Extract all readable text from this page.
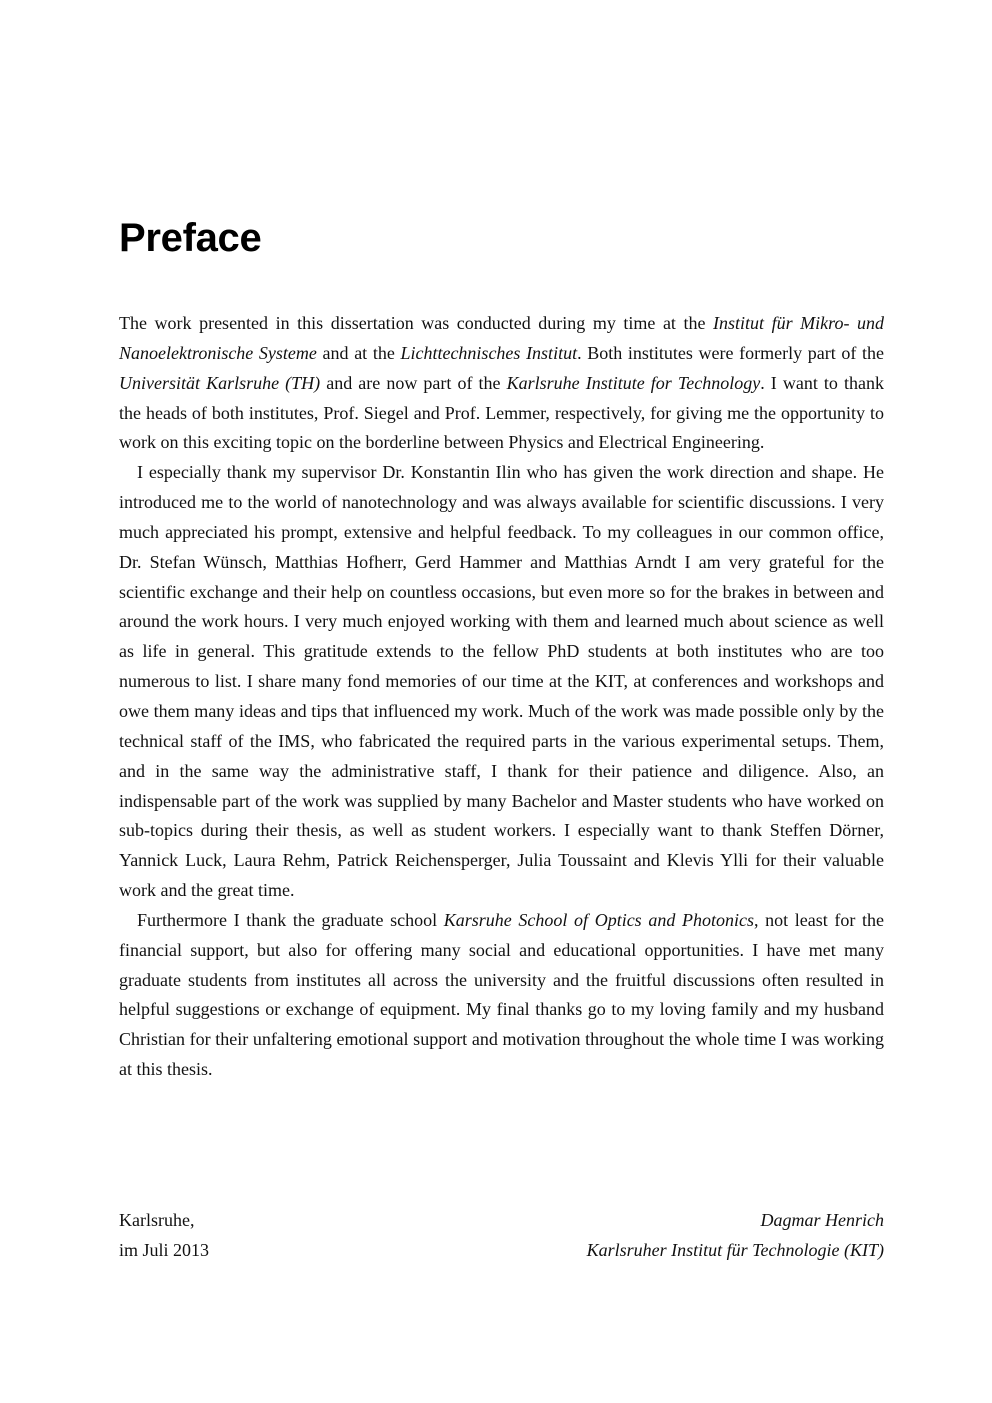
Preface

The work presented in this dissertation was conducted during my time at the Institut für Mikro- und Nanoelektronische Systeme and at the Lichttechnisches Institut. Both institutes were formerly part of the Universität Karlsruhe (TH) and are now part of the Karlsruhe Institute for Technology. I want to thank the heads of both institutes, Prof. Siegel and Prof. Lemmer, respectively, for giving me the opportunity to work on this exciting topic on the borderline between Physics and Electrical Engineering.

I especially thank my supervisor Dr. Konstantin Ilin who has given the work direction and shape. He introduced me to the world of nanotechnology and was always available for scientific discussions. I very much appreciated his prompt, extensive and helpful feedback. To my colleagues in our common office, Dr. Stefan Wünsch, Matthias Hofherr, Gerd Hammer and Matthias Arndt I am very grateful for the scientific exchange and their help on countless occasions, but even more so for the brakes in between and around the work hours. I very much enjoyed working with them and learned much about science as well as life in general. This gratitude extends to the fellow PhD students at both institutes who are too numerous to list. I share many fond memories of our time at the KIT, at conferences and workshops and owe them many ideas and tips that influenced my work. Much of the work was made possible only by the technical staff of the IMS, who fabricated the required parts in the various experimental setups. Them, and in the same way the administrative staff, I thank for their patience and diligence. Also, an indispensable part of the work was supplied by many Bachelor and Master students who have worked on sub-topics during their thesis, as well as student workers. I especially want to thank Steffen Dörner, Yannick Luck, Laura Rehm, Patrick Reichensperger, Julia Toussaint and Klevis Ylli for their valuable work and the great time.

Furthermore I thank the graduate school Karsruhe School of Optics and Photonics, not least for the financial support, but also for offering many social and educational opportunities. I have met many graduate students from institutes all across the university and the fruitful discussions often resulted in helpful suggestions or exchange of equipment. My final thanks go to my loving family and my husband Christian for their unfaltering emotional support and motivation throughout the whole time I was working at this thesis.

Karlsruhe,
im Juli 2013
Dagmar Henrich
Karlsruher Institut für Technologie (KIT)
